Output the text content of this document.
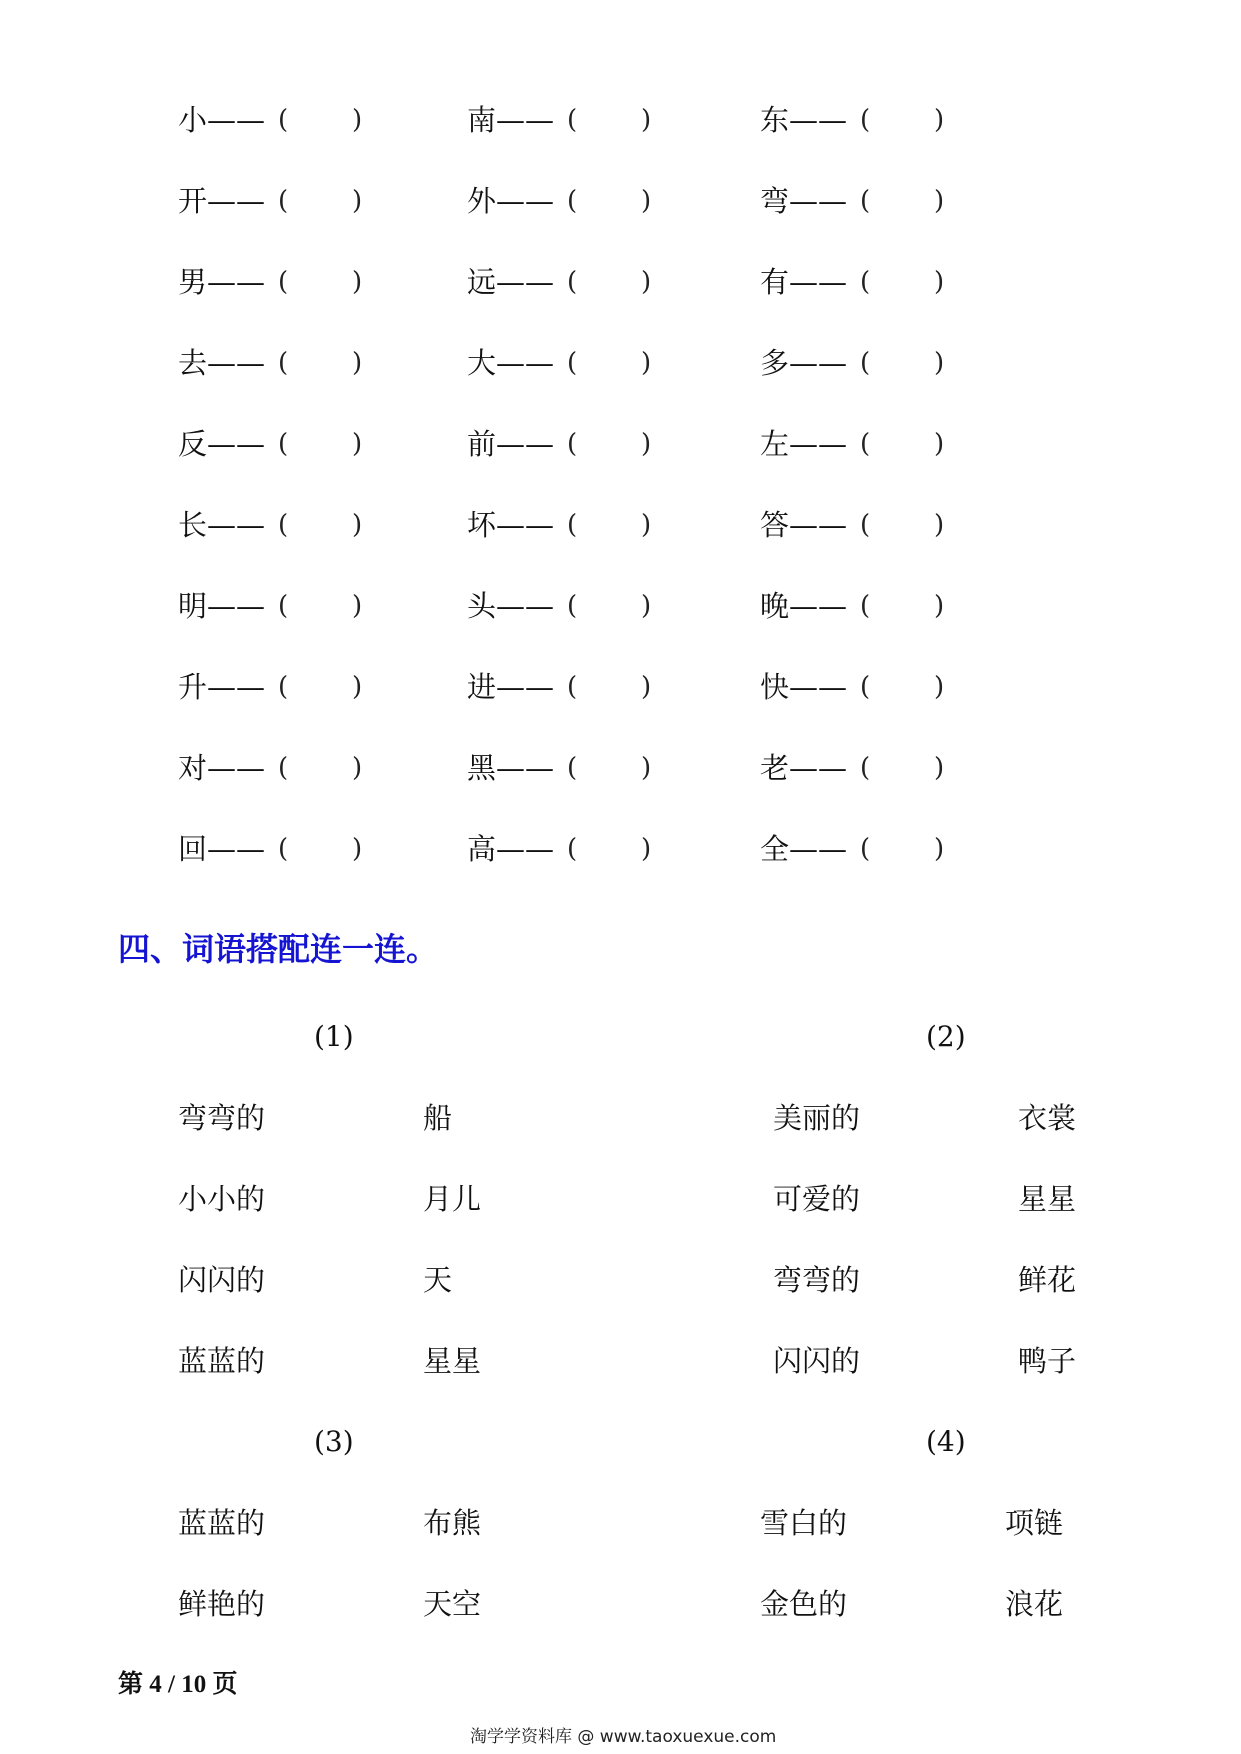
小—— ( )	南—— ( )	东—— ( )
开—— ( )	外—— ( )	弯—— ( )
男—— ( )	远—— ( )	有—— ( )
去—— ( )	大—— ( )	多—— ( )
反—— ( )	前—— ( )	左—— ( )
长—— ( )	坏—— ( )	答—— ( )
明—— ( )	头—— ( )	晚—— ( )
升—— ( )	进—— ( )	快—— ( )
对—— ( )	黑—— ( )	老—— ( )
回—— ( )	高—— ( )	全—— ( )
四、词语搭配连一连。
(1)	(2)
弯弯的	船
小小的	月儿
闪闪的	天
蓝蓝的	星星
美丽的	衣裳
可爱的	星星
弯弯的	鲜花
闪闪的	鸭子
(3)	(4)
蓝蓝的	布熊
鲜艳的	天空
雪白的	项链
金色的	浪花
第 4 / 10 页
淘学学资料库 @ www.taoxuexue.com
